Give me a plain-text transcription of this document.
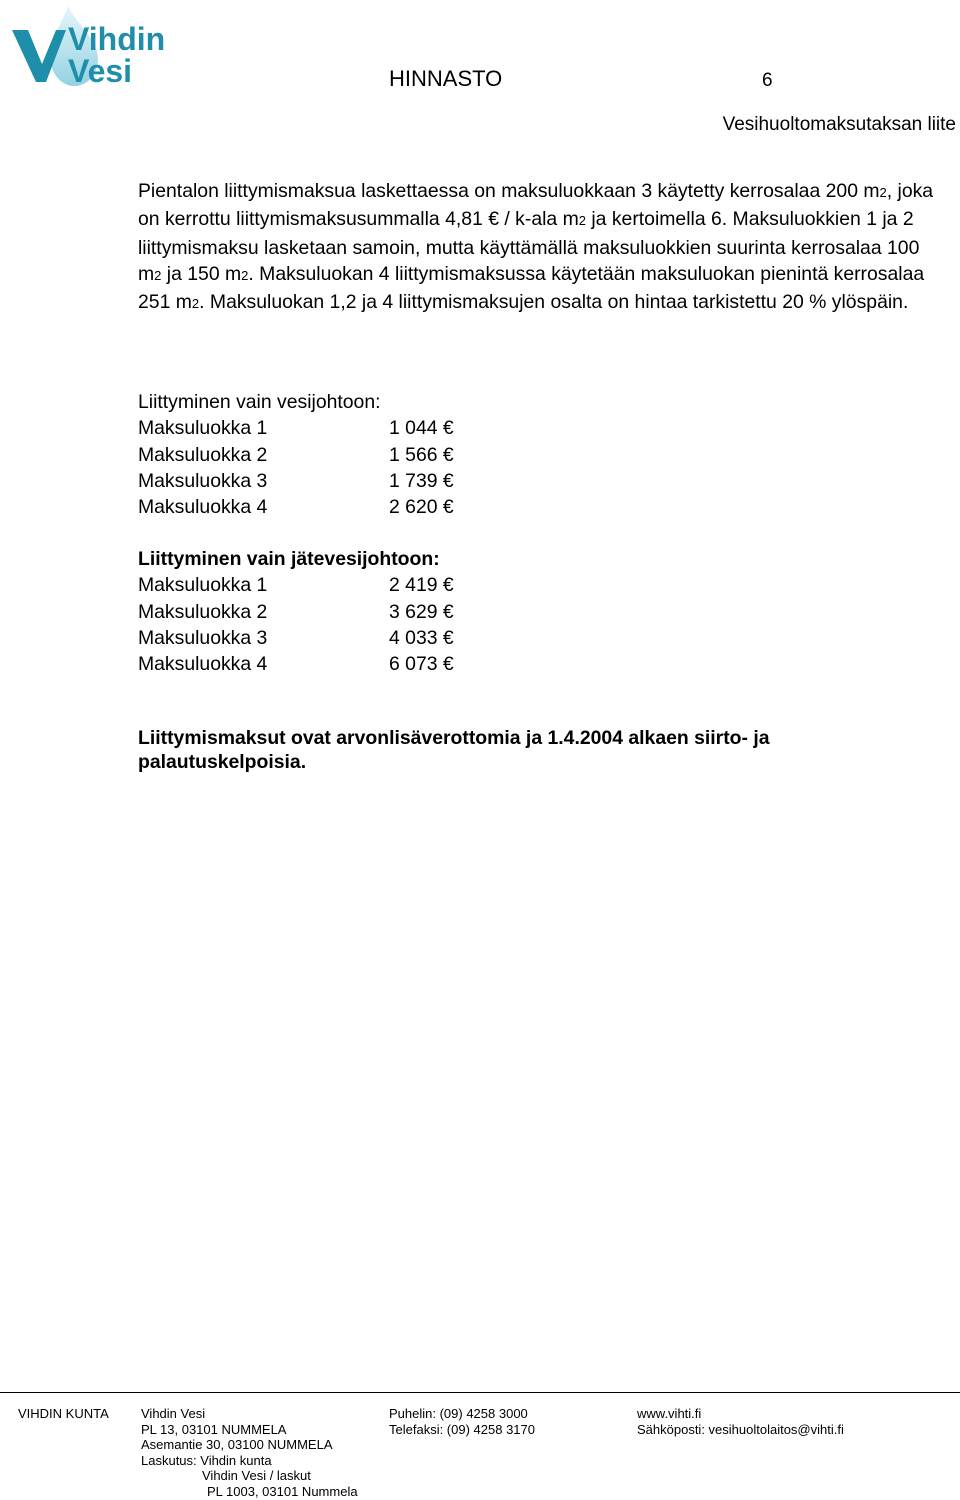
Vihdin
Vesi	HINNASTO	6
Vesihuoltomaksutaksan liite

Pientalon liittymismaksua laskettaessa on maksuluokkaan 3 käytetty kerrosalaa 200 m2, joka on kerrottu liittymismaksusummalla 4,81 € / k-ala m2 ja kertoimella 6. Maksuluokkien 1 ja 2 liittymismaksu lasketaan samoin, mutta käyttämällä maksuluokkien suurinta kerrosalaa 100 m2 ja 150 m2. Maksuluokan 4 liittymismaksussa käytetään maksuluokan pienintä kerrosalaa 251 m2. Maksuluokan 1,2 ja 4 liittymismaksujen osalta on hintaa tarkistettu 20 % ylöspäin.

Liittyminen vain vesijohtoon:
Maksuluokka 1	1 044 €
Maksuluokka 2	1 566 €
Maksuluokka 3	1 739 €
Maksuluokka 4	2 620 €
Liittyminen vain jätevesijohtoon:
Maksuluokka 1	2 419 €
Maksuluokka 2	3 629 €
Maksuluokka 3	4 033 €
Maksuluokka 4	6 073 €

Liittymismaksut ovat arvonlisäverottomia ja 1.4.2004 alkaen siirto- ja palautuskelpoisia.

VIHDIN KUNTA Vihdin Vesi
PL 13, 03101 NUMMELA
Asemantie 30, 03100 NUMMELA
Laskutus: Vihdin kunta
Vihdin Vesi / laskut
PL 1003, 03101 Nummela
Puhelin: (09) 4258 3000
Telefaksi: (09) 4258 3170
www.vihti.fi
Sähköposti: vesihuoltolaitos@vihti.fi
